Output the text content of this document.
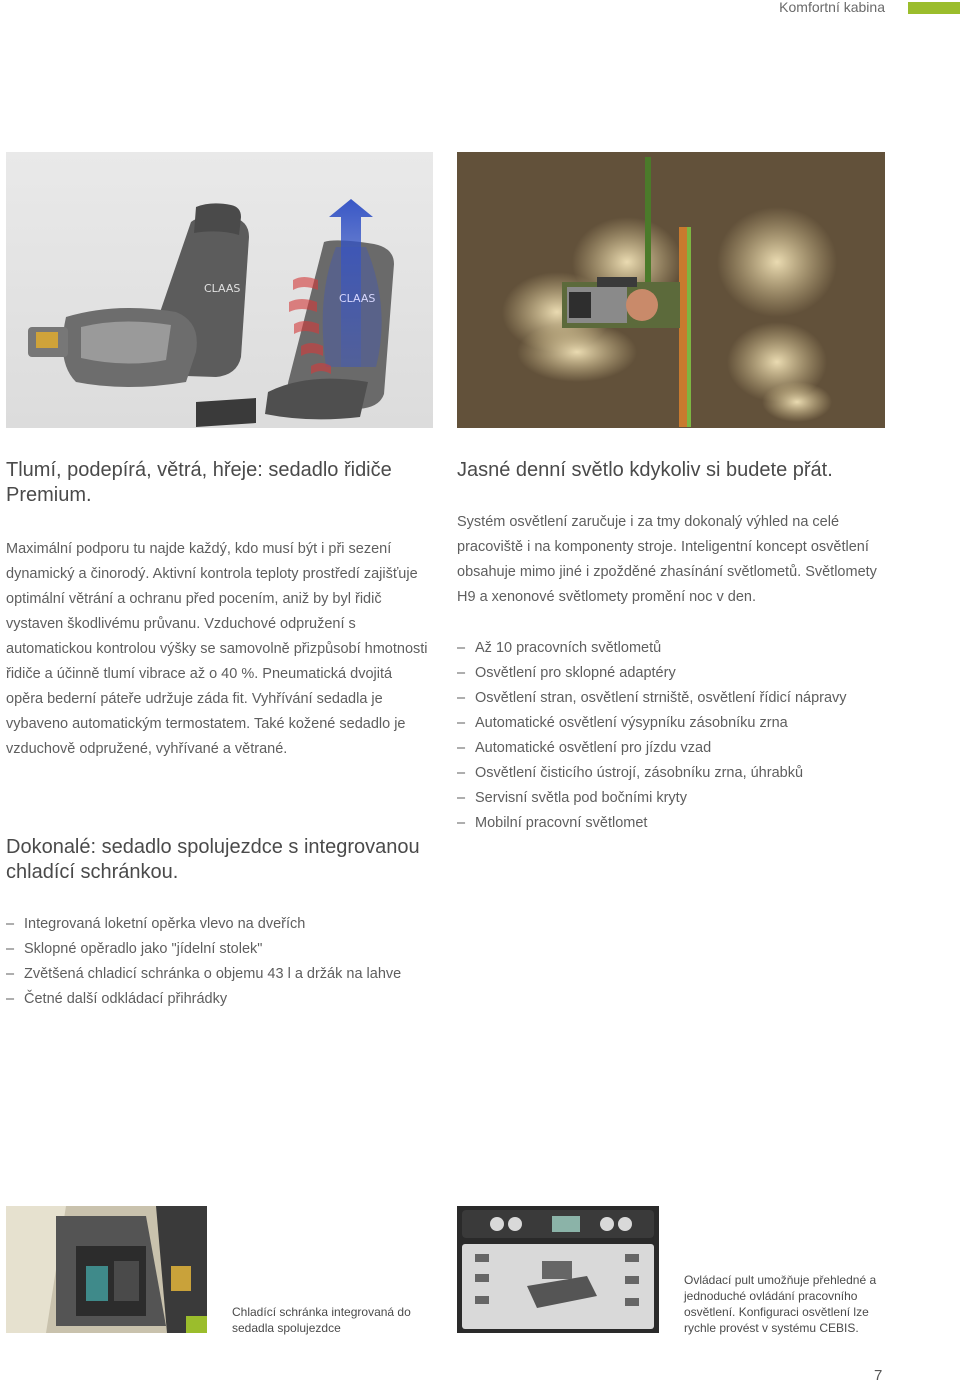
Komfortní kabina
CLAAS
CLAAS
Tlumí, podepírá, větrá, hřeje: sedadlo řidiče Premium.

Maximální podporu tu najde každý, kdo musí být i při sezení dynamický a činorodý. Aktivní kontrola teploty prostředí zajišťuje optimální větrání a ochranu před pocením, aniž by byl řidič vystaven škodlivému průvanu. Vzduchové odpružení s automatickou kontrolou výšky se samovolně přizpůsobí hmotnosti řidiče a účinně tlumí vibrace až o 40 %. Pneumatická dvojitá opěra bederní páteře udržuje záda fit. Vyhřívání sedadla je vybaveno automatickým termostatem. Také kožené sedadlo je vzduchově odpružené, vyhřívané a větrané.

Dokonalé: sedadlo spolujezdce s integrovanou chladící schránkou.
– Integrovaná loketní opěrka vlevo na dveřích
– Sklopné opěradlo jako "jídelní stolek"
– Zvětšená chladicí schránka o objemu 43 l a držák na lahve
– Četné další odkládací přihrádky
Jasné denní světlo kdykoliv si budete přát.

Systém osvětlení zaručuje i za tmy dokonalý výhled na celé pracoviště i na komponenty stroje. Inteligentní koncept osvětlení obsahuje mimo jiné i zpožděné zhasínání světlometů. Světlomety H9 a xenonové světlomety promění noc v den.

– Až 10 pracovních světlometů
– Osvětlení pro sklopné adaptéry
– Osvětlení stran, osvětlení strniště, osvětlení řídicí nápravy
– Automatické osvětlení výsypníku zásobníku zrna
– Automatické osvětlení pro jízdu vzad
– Osvětlení čisticího ústrojí, zásobníku zrna, úhrabků
– Servisní světla pod bočními kryty
– Mobilní pracovní světlomet
Chladící schránka integrovaná do sedadla spolujezdce
Ovládací pult umožňuje přehledné a jednoduché ovládání pracovního osvětlení. Konfiguraci osvětlení lze rychle provést v systému CEBIS.
7
